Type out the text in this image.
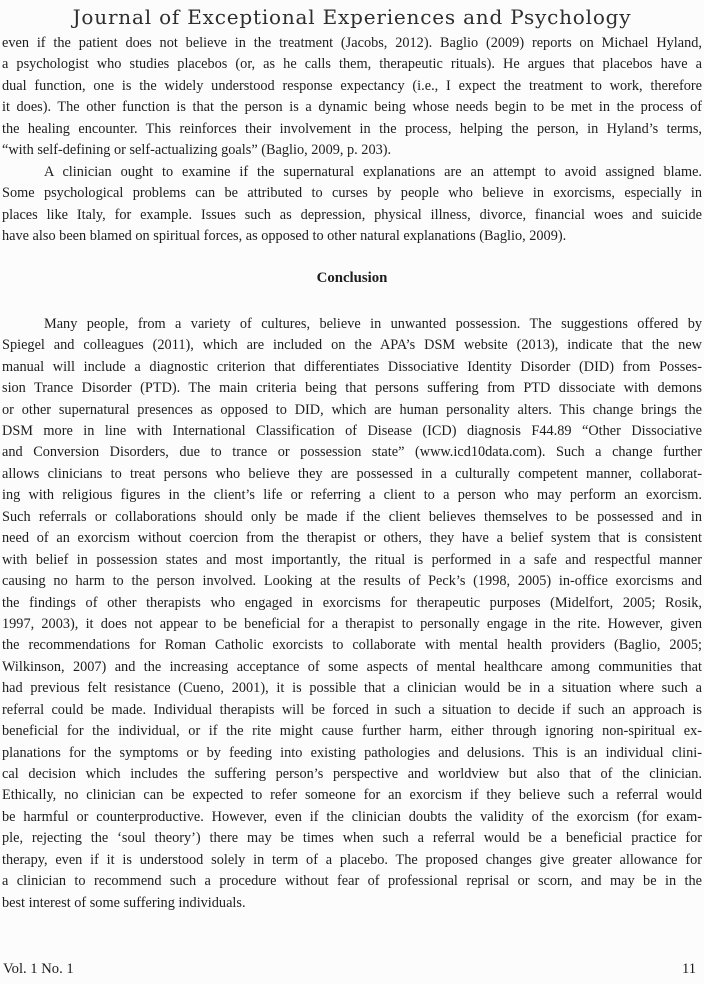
Journal of Exceptional Experiences and Psychology
even if the patient does not believe in the treatment (Jacobs, 2012). Baglio (2009) reports on Michael Hyland,
a psychologist who studies placebos (or, as he calls them, therapeutic rituals). He argues that placebos have a
dual function, one is the widely understood response expectancy (i.e., I expect the treatment to work, therefore
it does). The other function is that the person is a dynamic being whose needs begin to be met in the process of
the healing encounter. This reinforces their involvement in the process, helping the person, in Hyland’s terms,
“with self-defining or self-actualizing goals” (Baglio, 2009, p. 203).
A clinician ought to examine if the supernatural explanations are an attempt to avoid assigned blame.
Some psychological problems can be attributed to curses by people who believe in exorcisms, especially in
places like Italy, for example. Issues such as depression, physical illness, divorce, financial woes and suicide
have also been blamed on spiritual forces, as opposed to other natural explanations (Baglio, 2009).
Conclusion
Many people, from a variety of cultures, believe in unwanted possession. The suggestions offered by
Spiegel and colleagues (2011), which are included on the APA’s DSM website (2013), indicate that the new
manual will include a diagnostic criterion that differentiates Dissociative Identity Disorder (DID) from Posses-
sion Trance Disorder (PTD). The main criteria being that persons suffering from PTD dissociate with demons
or other supernatural presences as opposed to DID, which are human personality alters. This change brings the
DSM more in line with International Classification of Disease (ICD) diagnosis F44.89 “Other Dissociative
and Conversion Disorders, due to trance or possession state” (www.icd10data.com). Such a change further
allows clinicians to treat persons who believe they are possessed in a culturally competent manner, collaborat-
ing with religious figures in the client’s life or referring a client to a person who may perform an exorcism.
Such referrals or collaborations should only be made if the client believes themselves to be possessed and in
need of an exorcism without coercion from the therapist or others, they have a belief system that is consistent
with belief in possession states and most importantly, the ritual is performed in a safe and respectful manner
causing no harm to the person involved. Looking at the results of Peck’s (1998, 2005) in-office exorcisms and
the findings of other therapists who engaged in exorcisms for therapeutic purposes (Midelfort, 2005; Rosik,
1997, 2003), it does not appear to be beneficial for a therapist to personally engage in the rite. However, given
the recommendations for Roman Catholic exorcists to collaborate with mental health providers (Baglio, 2005;
Wilkinson, 2007) and the increasing acceptance of some aspects of mental healthcare among communities that
had previous felt resistance (Cueno, 2001), it is possible that a clinician would be in a situation where such a
referral could be made. Individual therapists will be forced in such a situation to decide if such an approach is
beneficial for the individual, or if the rite might cause further harm, either through ignoring non-spiritual ex-
planations for the symptoms or by feeding into existing pathologies and delusions. This is an individual clini-
cal decision which includes the suffering person’s perspective and worldview but also that of the clinician.
Ethically, no clinician can be expected to refer someone for an exorcism if they believe such a referral would
be harmful or counterproductive. However, even if the clinician doubts the validity of the exorcism (for exam-
ple, rejecting the ‘soul theory’) there may be times when such a referral would be a beneficial practice for
therapy, even if it is understood solely in term of a placebo. The proposed changes give greater allowance for
a clinician to recommend such a procedure without fear of professional reprisal or scorn, and may be in the
best interest of some suffering individuals.
Vol. 1 No. 1	11
